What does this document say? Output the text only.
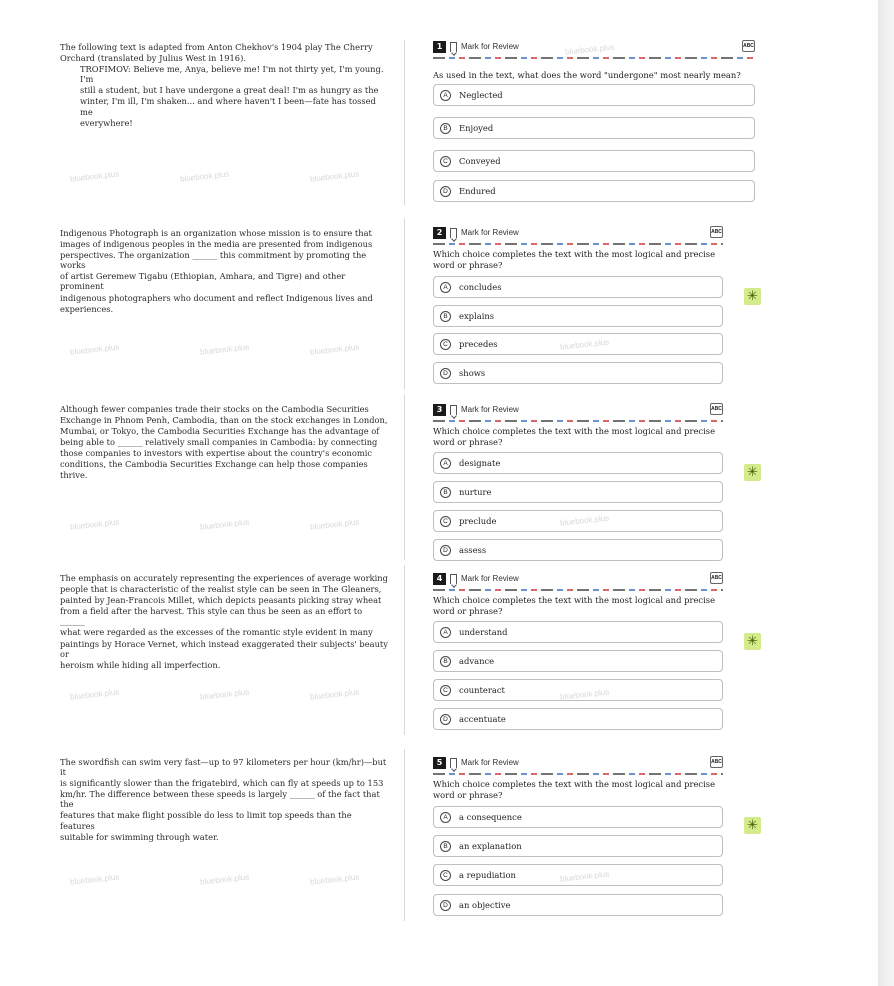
The following text is adapted from Anton Chekhov's 1904 play The Cherry

Orchard (translated by Julius West in 1916).

TROFIMOV: Believe me, Anya, believe me! I'm not thirty yet, I'm young. I'm

still a student, but I have undergone a great deal! I'm as hungry as the

winter, I'm ill, I'm shaken... and where haven't I been—fate has tossed me

everywhere!

1	Mark for Review	ABC
As used in the text, what does the word "undergone" most nearly mean?
A	Neglected
B	Enjoyed
C	Conveyed
D	Endured

Indigenous Photograph is an organization whose mission is to ensure that

images of indigenous peoples in the media are presented from indigenous

perspectives. The organization ______ this commitment by promoting the works

of artist Geremew Tigabu (Ethiopian, Amhara, and Tigre) and other prominent

indigenous photographers who document and reflect Indigenous lives and

experiences.

2	Mark for Review	ABC
Which choice completes the text with the most logical and precise word or phrase?
A	concludes
B	explains
C	precedes
D	shows
✳

Although fewer companies trade their stocks on the Cambodia Securities

Exchange in Phnom Penh, Cambodia, than on the stock exchanges in London,

Mumbai, or Tokyo, the Cambodia Securities Exchange has the advantage of

being able to ______ relatively small companies in Cambodia: by connecting

those companies to investors with expertise about the country's economic

conditions, the Cambodia Securities Exchange can help those companies thrive.

3	Mark for Review	ABC
Which choice completes the text with the most logical and precise word or phrase?
A	designate
B	nurture
C	preclude
D	assess
✳

The emphasis on accurately representing the experiences of average working

people that is characteristic of the realist style can be seen in The Gleaners,

painted by Jean-Francois Millet, which depicts peasants picking stray wheat

from a field after the harvest. This style can thus be seen as an effort to ______

what were regarded as the excesses of the romantic style evident in many

paintings by Horace Vernet, which instead exaggerated their subjects' beauty or

heroism while hiding all imperfection.

4	Mark for Review	ABC
Which choice completes the text with the most logical and precise word or phrase?
A	understand
B	advance
C	counteract
D	accentuate
✳

The swordfish can swim very fast—up to 97 kilometers per hour (km/hr)—but it

is significantly slower than the frigatebird, which can fly at speeds up to 153

km/hr. The difference between these speeds is largely ______ of the fact that the

features that make flight possible do less to limit top speeds than the features

suitable for swimming through water.

5	Mark for Review	ABC
Which choice completes the text with the most logical and precise word or phrase?
A	a consequence
B	an explanation
C	a repudiation
D	an objective
✳
bluebook.plus	bluebook.plus	bluebook.plus
bluebook.plus
bluebook.plus	bluebook.plus	bluebook.plus	bluebook.plus
bluebook.plus	bluebook.plus	bluebook.plus	bluebook.plus
bluebook.plus	bluebook.plus	bluebook.plus	bluebook.plus
bluebook.plus	bluebook.plus	bluebook.plus	bluebook.plus
